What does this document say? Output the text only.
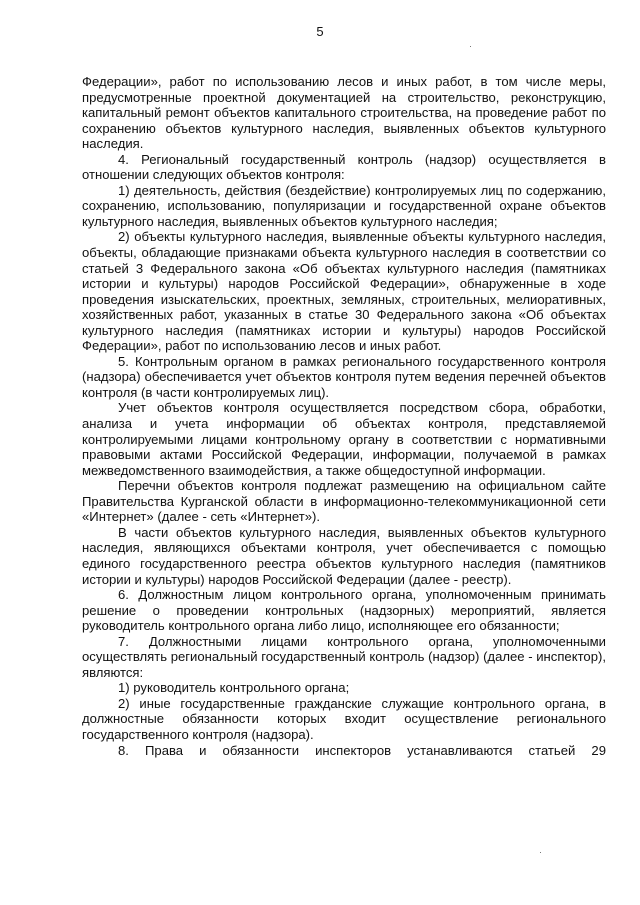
5

Федерации», работ по использованию лесов и иных работ, в том числе меры, предусмотренные проектной документацией на строительство, реконструкцию, капитальный ремонт объектов капитального строительства, на проведение работ по сохранению объектов культурного наследия, выявленных объектов культурного наследия.

4. Региональный государственный контроль (надзор) осуществляется в отношении следующих объектов контроля:

1) деятельность, действия (бездействие) контролируемых лиц по содержанию, сохранению, использованию, популяризации и государственной охране объектов культурного наследия, выявленных объектов культурного наследия;

2) объекты культурного наследия, выявленные объекты культурного наследия, объекты, обладающие признаками объекта культурного наследия в соответствии со статьей 3 Федерального закона «Об объектах культурного наследия (памятниках истории и культуры) народов Российской Федерации», обнаруженные в ходе проведения изыскательских, проектных, земляных, строительных, мелиоративных, хозяйственных работ, указанных в статье 30 Федерального закона «Об объектах культурного наследия (памятниках истории и культуры) народов Российской Федерации», работ по использованию лесов и иных работ.

5. Контрольным органом в рамках регионального государственного контроля (надзора) обеспечивается учет объектов контроля путем ведения перечней объектов контроля (в части контролируемых лиц).

Учет объектов контроля осуществляется посредством сбора, обработки, анализа и учета информации об объектах контроля, представляемой контролируемыми лицами контрольному органу в соответствии с нормативными правовыми актами Российской Федерации, информации, получаемой в рамках межведомственного взаимодействия, а также общедоступной информации.

Перечни объектов контроля подлежат размещению на официальном сайте Правительства Курганской области в информационно-телекоммуникационной сети «Интернет» (далее - сеть «Интернет»).

В части объектов культурного наследия, выявленных объектов культурного наследия, являющихся объектами контроля, учет обеспечивается с помощью единого государственного реестра объектов культурного наследия (памятников истории и культуры) народов Российской Федерации (далее - реестр).

6. Должностным лицом контрольного органа, уполномоченным принимать решение о проведении контрольных (надзорных) мероприятий, является руководитель контрольного органа либо лицо, исполняющее его обязанности;

7. Должностными лицами контрольного органа, уполномоченными осуществлять региональный государственный контроль (надзор) (далее - инспектор), являются:

1) руководитель контрольного органа;

2) иные государственные гражданские служащие контрольного органа, в должностные обязанности которых входит осуществление регионального государственного контроля (надзора).

8. Права и обязанности инспекторов устанавливаются статьей 29
